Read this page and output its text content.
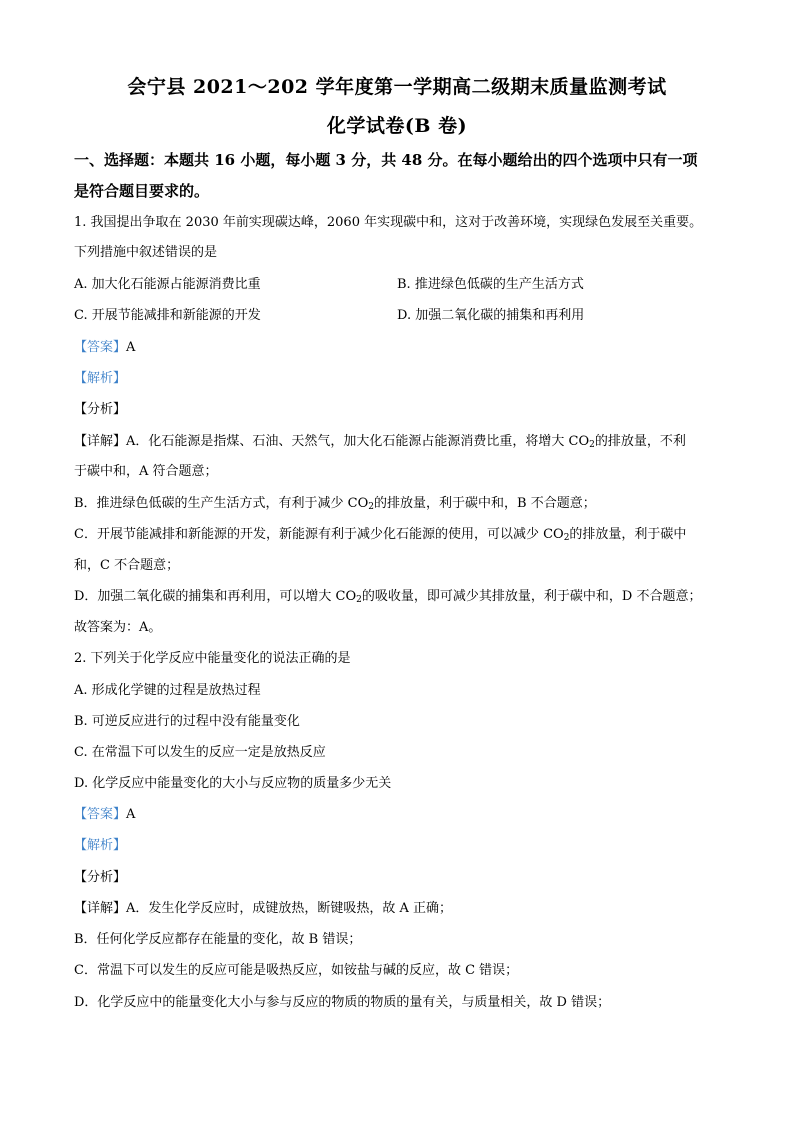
会宁县 2021～202 学年度第一学期高二级期末质量监测考试
化学试卷(B 卷)
一、选择题：本题共 16 小题，每小题 3 分，共 48 分。在每小题给出的四个选项中只有一项
是符合题目要求的。
1. 我国提出争取在 2030 年前实现碳达峰，2060 年实现碳中和，这对于改善环境，实现绿色发展至关重要。
下列措施中叙述错误的是
A. 加大化石能源占能源消费比重	B. 推进绿色低碳的生产生活方式
C. 开展节能减排和新能源的开发	D. 加强二氧化碳的捕集和再利用
【答案】A
【解析】
【分析】
【详解】A．化石能源是指煤、石油、天然气，加大化石能源占能源消费比重，将增大 $CO_2$的排放量，不利
于碳中和，A 符合题意；
B．推进绿色低碳的生产生活方式，有利于减少 $CO_2$的排放量，利于碳中和，B 不合题意；
C．开展节能减排和新能源的开发，新能源有利于减少化石能源的使用，可以减少 $CO_2$的排放量，利于碳中
和，C 不合题意；
D．加强二氧化碳的捕集和再利用，可以增大 $CO_2$的吸收量，即可减少其排放量，利于碳中和，D 不合题意；
故答案为：A。
2. 下列关于化学反应中能量变化的说法正确的是
A. 形成化学键的过程是放热过程
B. 可逆反应进行的过程中没有能量变化
C. 在常温下可以发生的反应一定是放热反应
D. 化学反应中能量变化的大小与反应物的质量多少无关
【答案】A
【解析】
【分析】
【详解】A．发生化学反应时，成键放热，断键吸热，故 A 正确；
B．任何化学反应都存在能量的变化，故 B 错误；
C．常温下可以发生的反应可能是吸热反应，如铵盐与碱的反应，故 C 错误；
D．化学反应中的能量变化大小与参与反应的物质的物质的量有关，与质量相关，故 D 错误；
